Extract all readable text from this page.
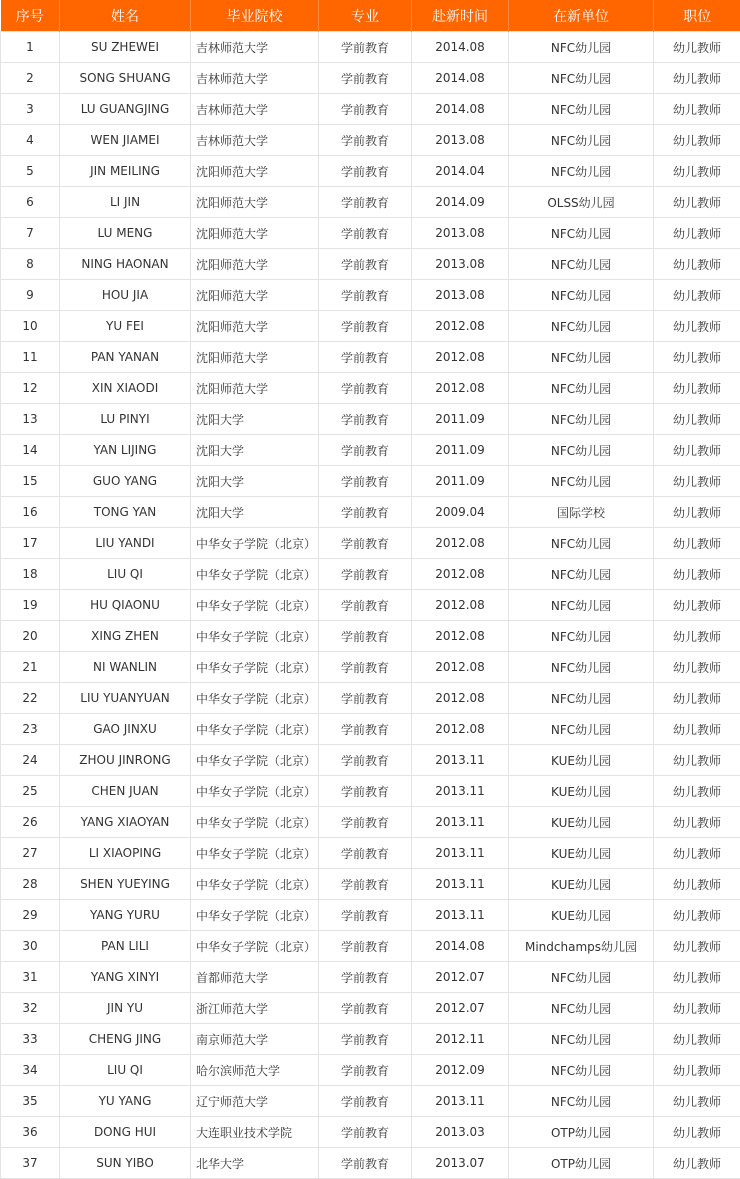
序号	姓名	毕业院校	专业	赴新时间	在新单位	职位
1	SU ZHEWEI	吉林师范大学	学前教育	2014.08	NFC幼儿园	幼儿教师
2	SONG SHUANG	吉林师范大学	学前教育	2014.08	NFC幼儿园	幼儿教师
3	LU GUANGJING	吉林师范大学	学前教育	2014.08	NFC幼儿园	幼儿教师
4	WEN JIAMEI	吉林师范大学	学前教育	2013.08	NFC幼儿园	幼儿教师
5	JIN MEILING	沈阳师范大学	学前教育	2014.04	NFC幼儿园	幼儿教师
6	LI JIN	沈阳师范大学	学前教育	2014.09	OLSS幼儿园	幼儿教师
7	LU MENG	沈阳师范大学	学前教育	2013.08	NFC幼儿园	幼儿教师
8	NING HAONAN	沈阳师范大学	学前教育	2013.08	NFC幼儿园	幼儿教师
9	HOU JIA	沈阳师范大学	学前教育	2013.08	NFC幼儿园	幼儿教师
10	YU FEI	沈阳师范大学	学前教育	2012.08	NFC幼儿园	幼儿教师
11	PAN YANAN	沈阳师范大学	学前教育	2012.08	NFC幼儿园	幼儿教师
12	XIN XIAODI	沈阳师范大学	学前教育	2012.08	NFC幼儿园	幼儿教师
13	LU PINYI	沈阳大学	学前教育	2011.09	NFC幼儿园	幼儿教师
14	YAN LIJING	沈阳大学	学前教育	2011.09	NFC幼儿园	幼儿教师
15	GUO YANG	沈阳大学	学前教育	2011.09	NFC幼儿园	幼儿教师
16	TONG YAN	沈阳大学	学前教育	2009.04	国际学校	幼儿教师
17	LIU YANDI	中华女子学院（北京）	学前教育	2012.08	NFC幼儿园	幼儿教师
18	LIU QI	中华女子学院（北京）	学前教育	2012.08	NFC幼儿园	幼儿教师
19	HU QIAONU	中华女子学院（北京）	学前教育	2012.08	NFC幼儿园	幼儿教师
20	XING ZHEN	中华女子学院（北京）	学前教育	2012.08	NFC幼儿园	幼儿教师
21	NI WANLIN	中华女子学院（北京）	学前教育	2012.08	NFC幼儿园	幼儿教师
22	LIU YUANYUAN	中华女子学院（北京）	学前教育	2012.08	NFC幼儿园	幼儿教师
23	GAO JINXU	中华女子学院（北京）	学前教育	2012.08	NFC幼儿园	幼儿教师
24	ZHOU JINRONG	中华女子学院（北京）	学前教育	2013.11	KUE幼儿园	幼儿教师
25	CHEN JUAN	中华女子学院（北京）	学前教育	2013.11	KUE幼儿园	幼儿教师
26	YANG XIAOYAN	中华女子学院（北京）	学前教育	2013.11	KUE幼儿园	幼儿教师
27	LI XIAOPING	中华女子学院（北京）	学前教育	2013.11	KUE幼儿园	幼儿教师
28	SHEN YUEYING	中华女子学院（北京）	学前教育	2013.11	KUE幼儿园	幼儿教师
29	YANG YURU	中华女子学院（北京）	学前教育	2013.11	KUE幼儿园	幼儿教师
30	PAN LILI	中华女子学院（北京）	学前教育	2014.08	Mindchamps幼儿园	幼儿教师
31	YANG XINYI	首都师范大学	学前教育	2012.07	NFC幼儿园	幼儿教师
32	JIN YU	浙江师范大学	学前教育	2012.07	NFC幼儿园	幼儿教师
33	CHENG JING	南京师范大学	学前教育	2012.11	NFC幼儿园	幼儿教师
34	LIU QI	哈尔滨师范大学	学前教育	2012.09	NFC幼儿园	幼儿教师
35	YU YANG	辽宁师范大学	学前教育	2013.11	NFC幼儿园	幼儿教师
36	DONG HUI	大连职业技术学院	学前教育	2013.03	OTP幼儿园	幼儿教师
37	SUN YIBO	北华大学	学前教育	2013.07	OTP幼儿园	幼儿教师
